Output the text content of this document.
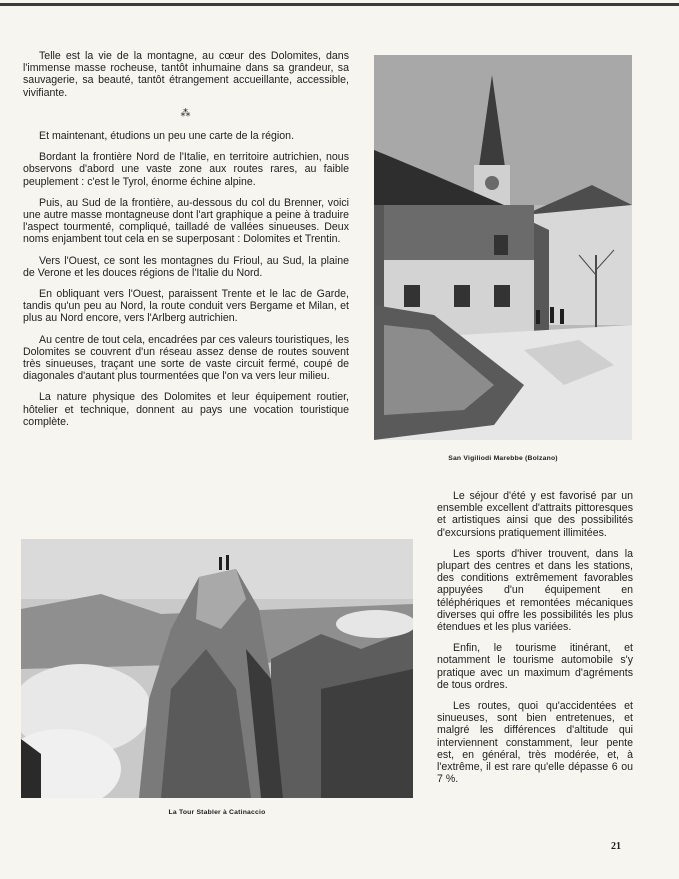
Telle est la vie de la montagne, au cœur des Dolomites, dans l'immense masse rocheuse, tantôt inhumaine dans sa grandeur, sa sauvagerie, sa beauté, tantôt étrangement accueillante, accessible, vivifiante.

⁂

Et maintenant, étudions un peu une carte de la région.

Bordant la frontière Nord de l'Italie, en territoire autrichien, nous observons d'abord une vaste zone aux routes rares, au faible peuplement : c'est le Tyrol, énorme échine alpine.

Puis, au Sud de la frontière, au-dessous du col du Brenner, voici une autre masse montagneuse dont l'art graphique a peine à traduire l'aspect tourmenté, compliqué, tailladé de vallées sinueuses. Deux noms enjambent tout cela en se superposant : Dolomites et Trentin.

Vers l'Ouest, ce sont les montagnes du Frioul, au Sud, la plaine de Verone et les douces régions de l'Italie du Nord.

En obliquant vers l'Ouest, paraissent Trente et le lac de Garde, tandis qu'un peu au Nord, la route conduit vers Bergame et Milan, et plus au Nord encore, vers l'Arlberg autrichien.

Au centre de tout cela, encadrées par ces valeurs touristiques, les Dolomites se couvrent d'un réseau assez dense de routes souvent très sinueuses, traçant une sorte de vaste circuit fermé, coupé de diagonales d'autant plus tourmentées que l'on va vers leur milieu.

La nature physique des Dolomites et leur équipement routier, hôtelier et technique, donnent au pays une vocation touristique complète.

San Vigiliodi Marebbe (Bolzano)

Le séjour d'été y est favorisé par un ensemble excellent d'attraits pittoresques et artistiques ainsi que des possibilités d'excursions pratiquement illimitées.

Les sports d'hiver trouvent, dans la plupart des centres et dans les stations, des conditions extrêmement favorables appuyées d'un équipement en téléphériques et remontées mécaniques diverses qui offre les possibilités les plus étendues et les plus variées.

Enfin, le tourisme itinérant, et notamment le tourisme automobile s'y pratique avec un maximum d'agréments de tous ordres.

Les routes, quoi qu'accidentées et sinueuses, sont bien entretenues, et malgré les différences d'altitude qui interviennent constamment, leur pente est, en général, très modérée, et, à l'extrême, il est rare qu'elle dépasse 6 ou 7 %.

La Tour Stabler à Catinaccio
21
